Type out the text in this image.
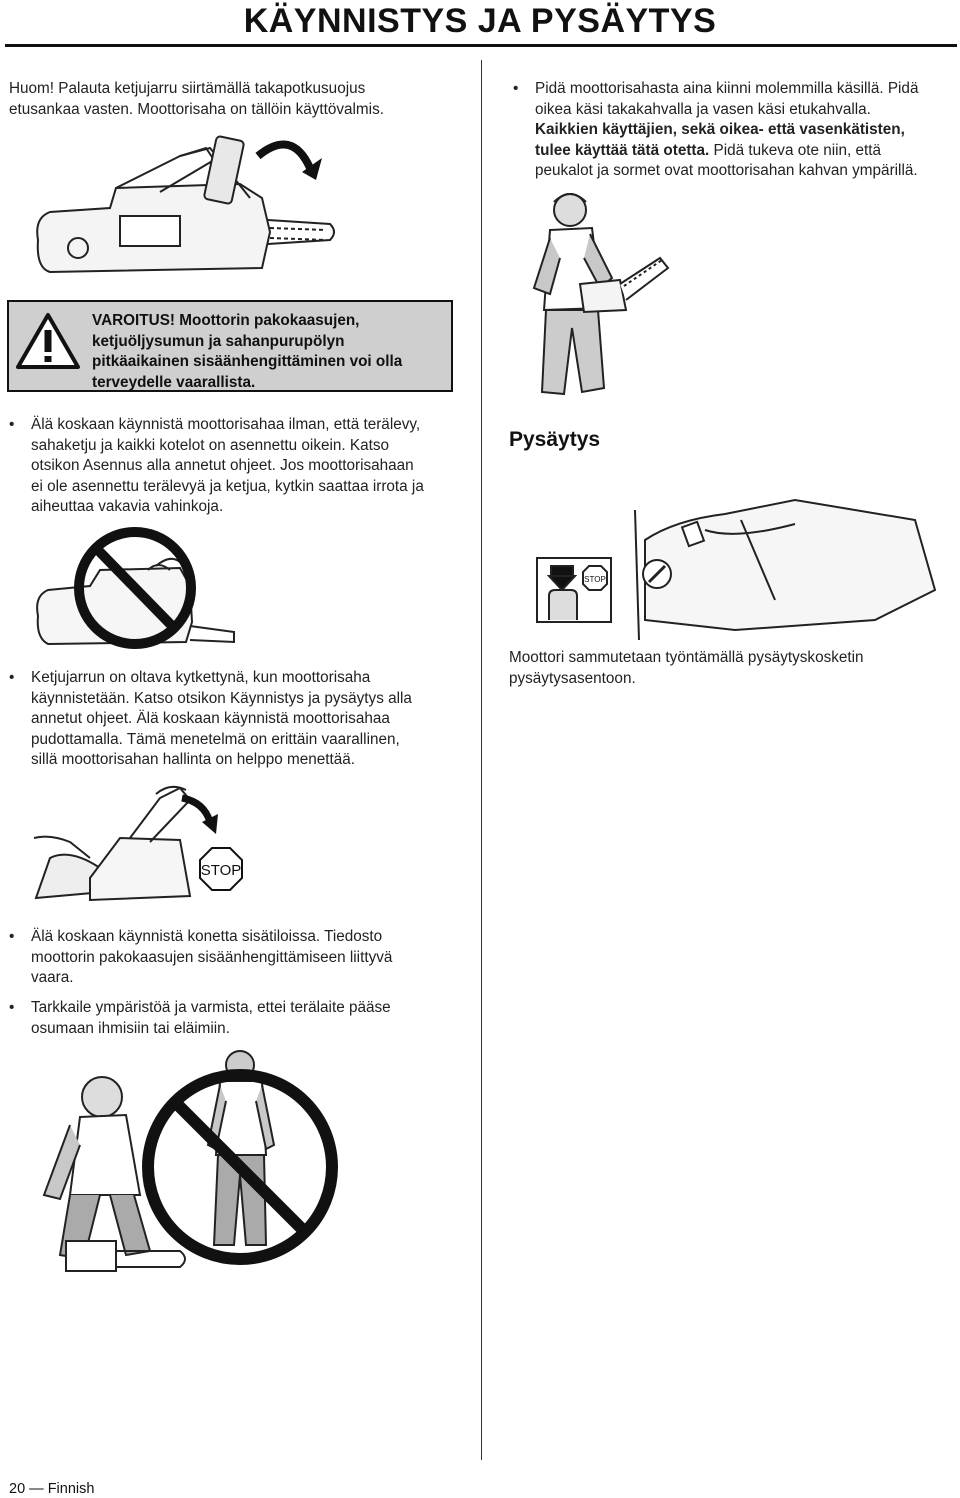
KÄYNNISTYS JA PYSÄYTYS
Huom! Palauta ketjujarru siirtämällä takapotkusuojus
etusankaa vasten. Moottorisaha on tällöin käyttövalmis.
VAROITUS! Moottorin pakokaasujen,
ketjuöljysumun ja sahanpurupölyn
pitkäaikainen sisäänhengittäminen voi olla
terveydelle vaarallista.
• Älä koskaan käynnistä moottorisahaa ilman, että terälevy,
sahaketju ja kaikki kotelot on asennettu oikein. Katso
otsikon Asennus alla annetut ohjeet. Jos moottorisahaan
ei ole asennettu terälevyä ja ketjua, kytkin saattaa irrota ja
aiheuttaa vakavia vahinkoja.
• Ketjujarrun on oltava kytkettynä, kun moottorisaha
käynnistetään. Katso otsikon Käynnistys ja pysäytys alla
annetut ohjeet. Älä koskaan käynnistä moottorisahaa
pudottamalla. Tämä menetelmä on erittäin vaarallinen,
sillä moottorisahan hallinta on helppo menettää.
STOP
• Älä koskaan käynnistä konetta sisätiloissa. Tiedosto
moottorin pakokaasujen sisäänhengittämiseen liittyvä
vaara.
• Tarkkaile ympäristöä ja varmista, ettei terälaite pääse
osumaan ihmisiin tai eläimiin.
• Pidä moottorisahasta aina kiinni molemmilla käsillä. Pidä
oikea käsi takakahvalla ja vasen käsi etukahvalla.
Kaikkien käyttäjien, sekä oikea- että vasenkätisten,
tulee käyttää tätä otetta. Pidä tukeva ote niin, että
peukalot ja sormet ovat moottorisahan kahvan ympärillä.
Pysäytys
STOP
Moottori sammutetaan työntämällä pysäytyskosketin
pysäytysasentoon.
20 — Finnish
